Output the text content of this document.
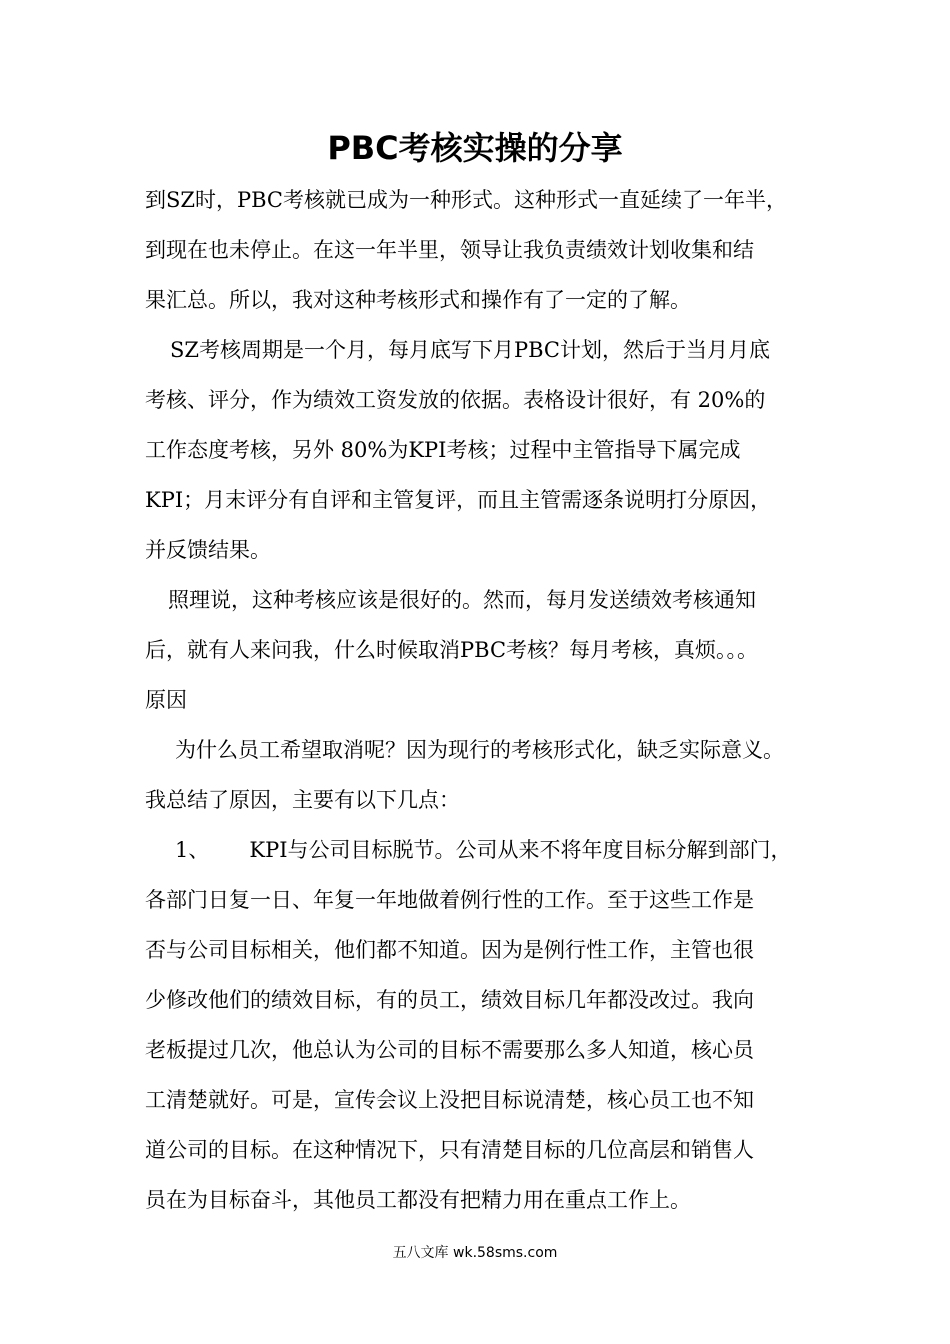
PBC考核实操的分享

到SZ时，PBC考核就已成为一种形式。这种形式一直延续了一年半，

到现在也未停止。在这一年半里，领导让我负责绩效计划收集和结

果汇总。所以，我对这种考核形式和操作有了一定的了解。

SZ考核周期是一个月，每月底写下月PBC计划，然后于当月月底

考核、评分，作为绩效工资发放的依据。表格设计很好，有 20%的

工作态度考核，另外 80%为KPI考核；过程中主管指导下属完成

KPI；月末评分有自评和主管复评，而且主管需逐条说明打分原因，

并反馈结果。

照理说，这种考核应该是很好的。然而，每月发送绩效考核通知

后，就有人来问我，什么时候取消PBC考核？每月考核，真烦。。。

原因

为什么员工希望取消呢？因为现行的考核形式化，缺乏实际意义。

我总结了原因，主要有以下几点：

1、      KPI与公司目标脱节。公司从来不将年度目标分解到部门，

各部门日复一日、年复一年地做着例行性的工作。至于这些工作是

否与公司目标相关，他们都不知道。因为是例行性工作，主管也很

少修改他们的绩效目标，有的员工，绩效目标几年都没改过。我向

老板提过几次，他总认为公司的目标不需要那么多人知道，核心员

工清楚就好。可是，宣传会议上没把目标说清楚，核心员工也不知

道公司的目标。在这种情况下，只有清楚目标的几位高层和销售人

员在为目标奋斗，其他员工都没有把精力用在重点工作上。

五八文库 wk.58sms.com
